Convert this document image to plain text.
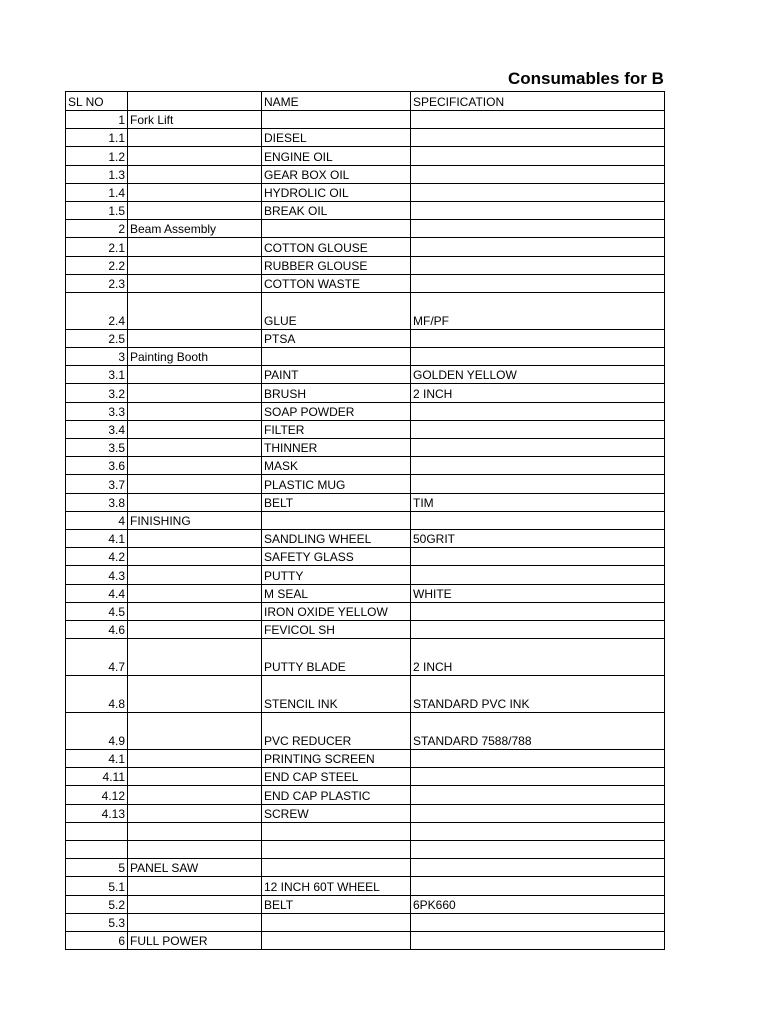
Consumables for B
SL NO		NAME	SPECIFICATION
1	Fork Lift		
1.1		DIESEL	
1.2		ENGINE OIL	
1.3		GEAR BOX OIL	
1.4		HYDROLIC OIL	
1.5		BREAK OIL	
2	Beam Assembly		
2.1		COTTON GLOUSE	
2.2		RUBBER GLOUSE	
2.3		COTTON WASTE	
2.4		GLUE	MF/PF
2.5		PTSA	
3	Painting Booth		
3.1		PAINT	GOLDEN YELLOW
3.2		BRUSH	2 INCH
3.3		SOAP POWDER	
3.4		FILTER	
3.5		THINNER	
3.6		MASK	
3.7		PLASTIC MUG	
3.8		BELT	TIM
4	FINISHING		
4.1		SANDLING WHEEL	50GRIT
4.2		SAFETY GLASS	
4.3		PUTTY	
4.4		M SEAL	WHITE
4.5		IRON OXIDE YELLOW	
4.6		FEVICOL SH	
4.7		PUTTY BLADE	2 INCH
4.8		STENCIL INK	STANDARD PVC INK
4.9		PVC REDUCER	STANDARD 7588/788
4.1		PRINTING SCREEN	
4.11		END CAP STEEL	
4.12		END CAP PLASTIC	
4.13		SCREW	

5	PANEL SAW		
5.1		12 INCH 60T WHEEL	
5.2		BELT	6PK660
5.3			
6	FULL POWER		
